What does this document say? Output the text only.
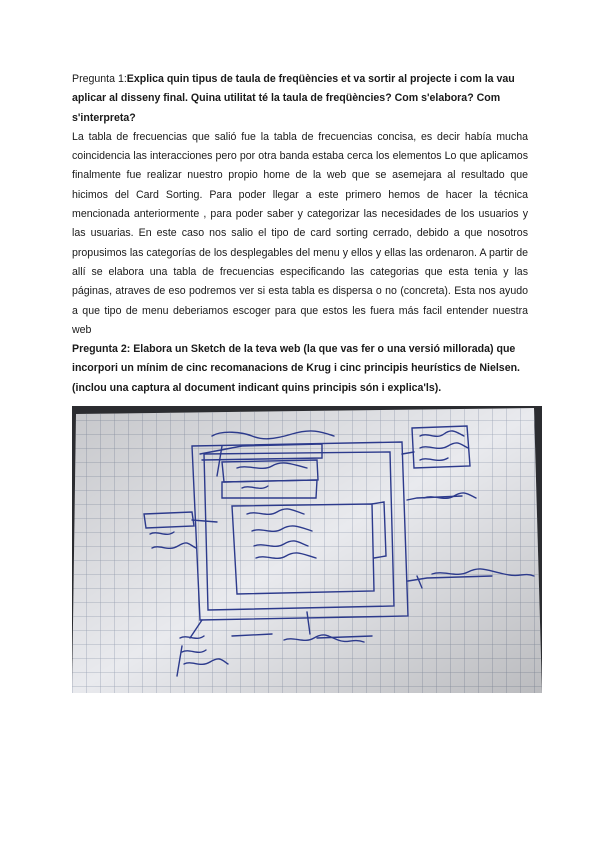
Pregunta 1:Explica quin tipus de taula de freqüències et va sortir al projecte i com la vau aplicar al disseny final. Quina utilitat té la taula de freqüències? Com s'elabora? Com s'interpreta?

La tabla de frecuencias que salió fue la tabla de frecuencias concisa, es decir había mucha coincidencia las interacciones pero por otra banda estaba cerca los elementos Lo que aplicamos finalmente fue realizar nuestro propio home de la web que se asemejara al resultado que hicimos del Card Sorting. Para poder llegar a este primero hemos de hacer la técnica mencionada anteriormente , para poder saber y categorizar las necesidades de los usuarios y las usuarias. En este caso nos salio el tipo de card sorting cerrado, debido a que nosotros propusimos las categorías de los desplegables del menu y ellos y ellas las ordenaron. A partir de allí se elabora una tabla de frecuencias especificando las categorias que esta tenia y las páginas, atraves de eso podremos ver si esta tabla es dispersa o no (concreta). Esta nos ayudo a que tipo de menu deberiamos escoger para que estos les fuera más facil entender nuestra web

Pregunta 2: Elabora un Sketch de la teva web (la que vas fer o una versió millorada) que incorpori un mínim de cinc recomanacions de Krug i cinc principis heurístics de Nielsen. (inclou una captura al document indicant quins principis són i explica'ls).
